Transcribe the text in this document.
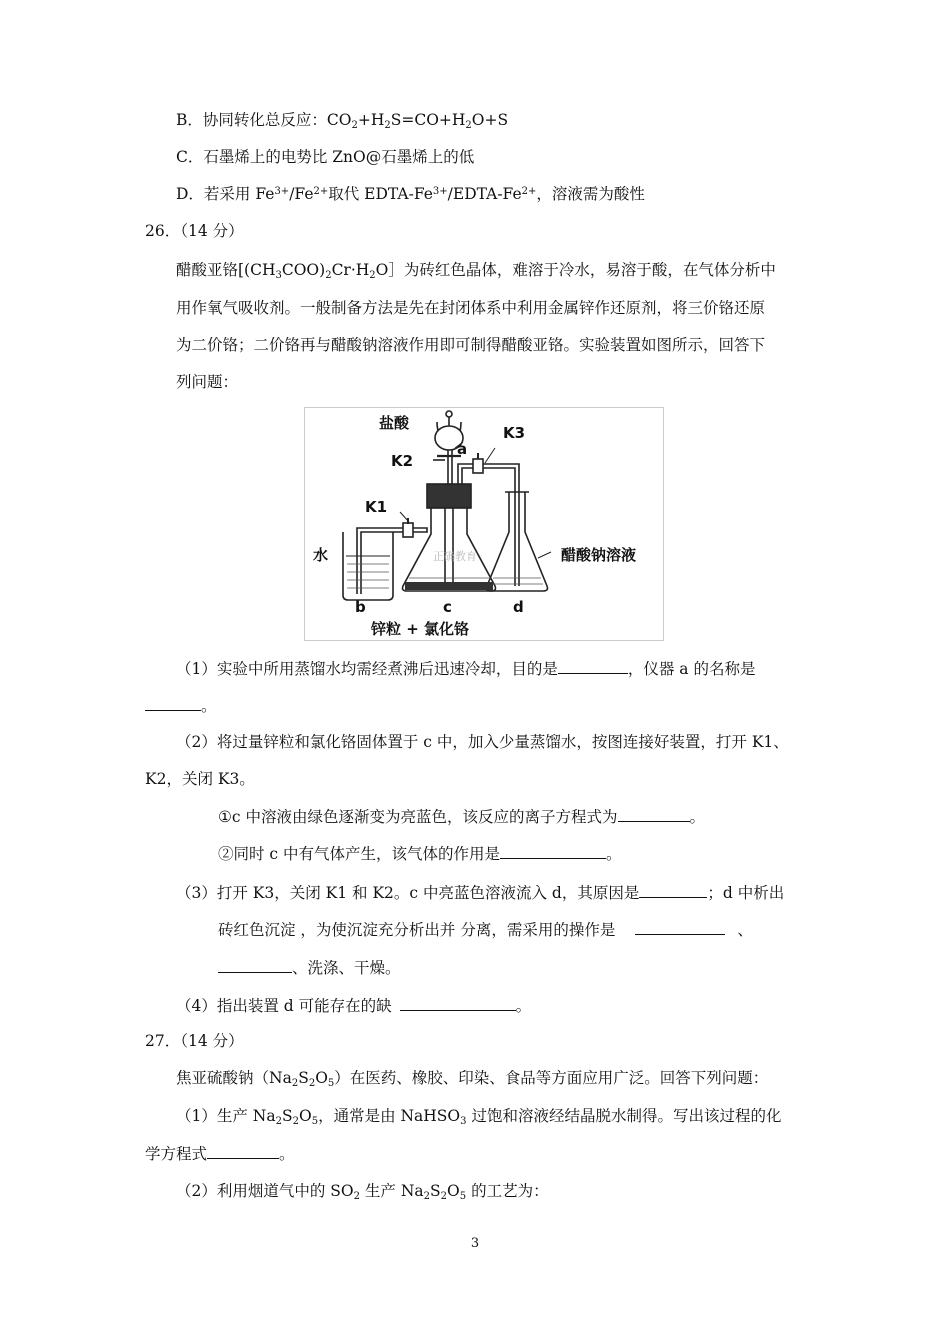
B．协同转化总反应：$CO_2+H_2S=CO+H_2O+S$
C．石墨烯上的电势比 ZnO@石墨烯上的低
D．若采用 $Fe^{3+}/Fe^{2+}$取代 EDTA-$Fe^{3+}/EDTA-Fe^{2+}$，溶液需为酸性
26．（14 分）
醋酸亚铬[$(CH_3COO)_2Cr\cdot H_2O]$为砖红色晶体，难溶于冷水，易溶于酸，在气体分析中
用作氧气吸收剂。一般制备方法是先在封闭体系中利用金属锌作还原剂，将三价铬还原
为二价铬；二价铬再与醋酸钠溶液作用即可制得醋酸亚铬。实验装置如图所示，回答下
列问题：
盐酸
K3
a
K2
K1
水	醋酸钠溶液
b	c	d
锌粒 + 氯化铬
正确教育
（1）实验中所用蒸馏水均需经煮沸后迅速冷却，目的是	，仪器 a 的名称是
。
（2）将过量锌粒和氯化铬固体置于 c 中，加入少量蒸馏水，按图连接好装置，打开 K1、
K2，关闭 K3。
①c 中溶液由绿色逐渐变为亮蓝色，该反应的离子方程式为	。
②同时 c 中有气体产生，该气体的作用是	。
（3）打开 K3，关闭 K1 和 K2。c 中亮蓝色溶液流入 d，其原因是	；d 中析出
砖红色沉淀 ，为使沉淀充分析出并 分离，需采用的操作是	、
、洗涤、干燥。
（4）指出装置 d 可能存在的缺	。
27．（14 分）
焦亚硫酸钠$(Na_2S_2O_5)$在医药、橡胶、印染、食品等方面应用广泛。回答下列问题：
（1）生产 $Na_2S_2O_5$，通常是由 NaHSO$_3$ 过饱和溶液经结晶脱水制得。写出该过程的化
学方程式	。
（2）利用烟道气中的 $SO_2$ 生产 $Na_2S_2O_5$ 的工艺为：
3
